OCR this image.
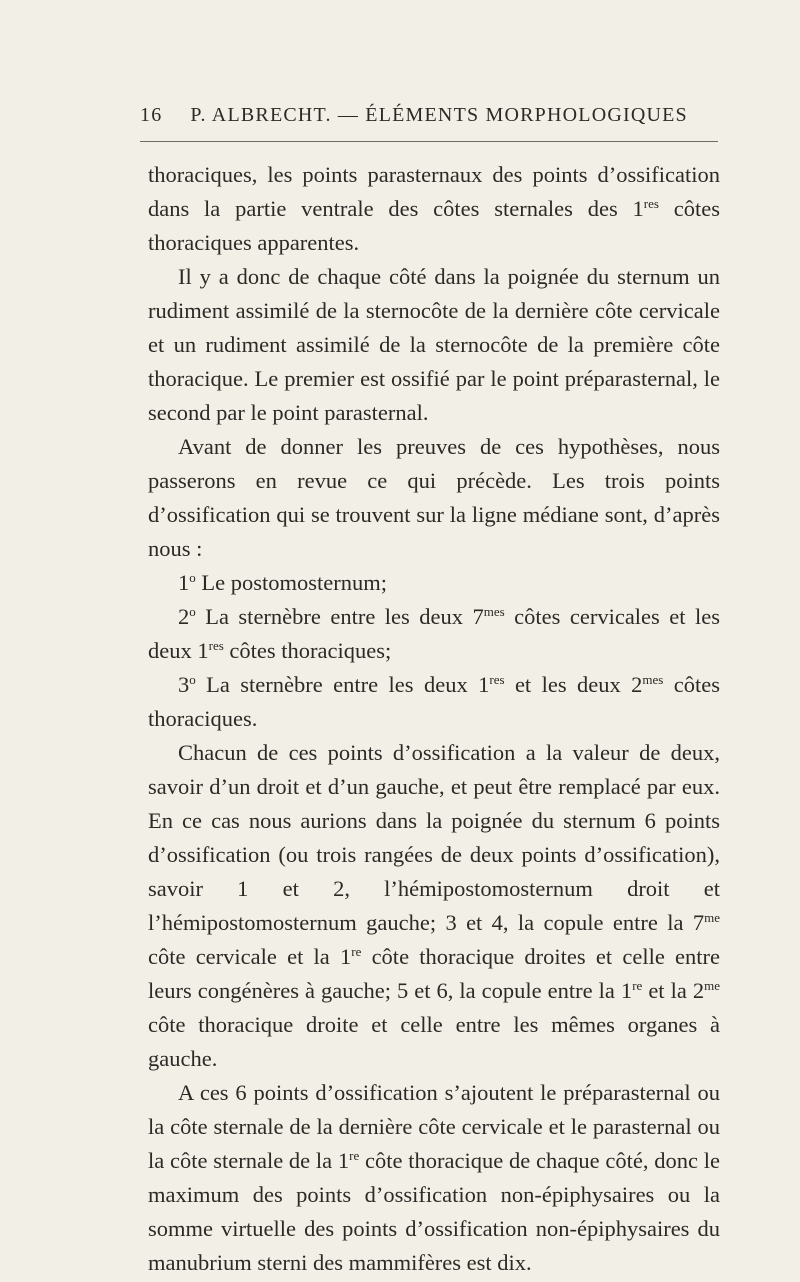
16 P. ALBRECHT. — ÉLÉMENTS MORPHOLOGIQUES

thoraciques, les points parasternaux des points d’ossification dans la partie ventrale des côtes sternales des 1res côtes thoraciques apparentes.

Il y a donc de chaque côté dans la poignée du sternum un rudiment assimilé de la sternocôte de la dernière côte cervicale et un rudiment assimilé de la sternocôte de la première côte thoracique. Le premier est ossifié par le point préparasternal, le second par le point parasternal.

Avant de donner les preuves de ces hypothèses, nous passerons en revue ce qui précède. Les trois points d’ossification qui se trouvent sur la ligne médiane sont, d’après nous :

1$^o$ Le postomosternum;

2$^o$ La sternèbre entre les deux $7^{mes}$ côtes cervicales et les deux 1res côtes thoraciques;

3$^o$ La sternèbre entre les deux 1res et les deux $2^{mes}$ côtes thoraciques.

Chacun de ces points d’ossification a la valeur de deux, savoir d’un droit et d’un gauche, et peut être remplacé par eux. En ce cas nous aurions dans la poignée du sternum 6 points d’ossification (ou trois rangées de deux points d’ossification), savoir 1 et 2, l’hémipostomosternum droit et l’hémipostomosternum gauche; 3 et 4, la copule entre la $7^{me}$ côte cervicale et la 1re côte thoracique droites et celle entre leurs congénères à gauche; 5 et 6, la copule entre la 1re et la $2^{me}$ côte thoracique droite et celle entre les mêmes organes à gauche.

A ces 6 points d’ossification s’ajoutent le préparasternal ou la côte sternale de la dernière côte cervicale et le parasternal ou la côte sternale de la 1re côte thoracique de chaque côté, donc le maximum des points d’ossification non-épiphysaires ou la somme virtuelle des points d’ossification non-épiphysaires du manubrium sterni des mammifères est dix.
